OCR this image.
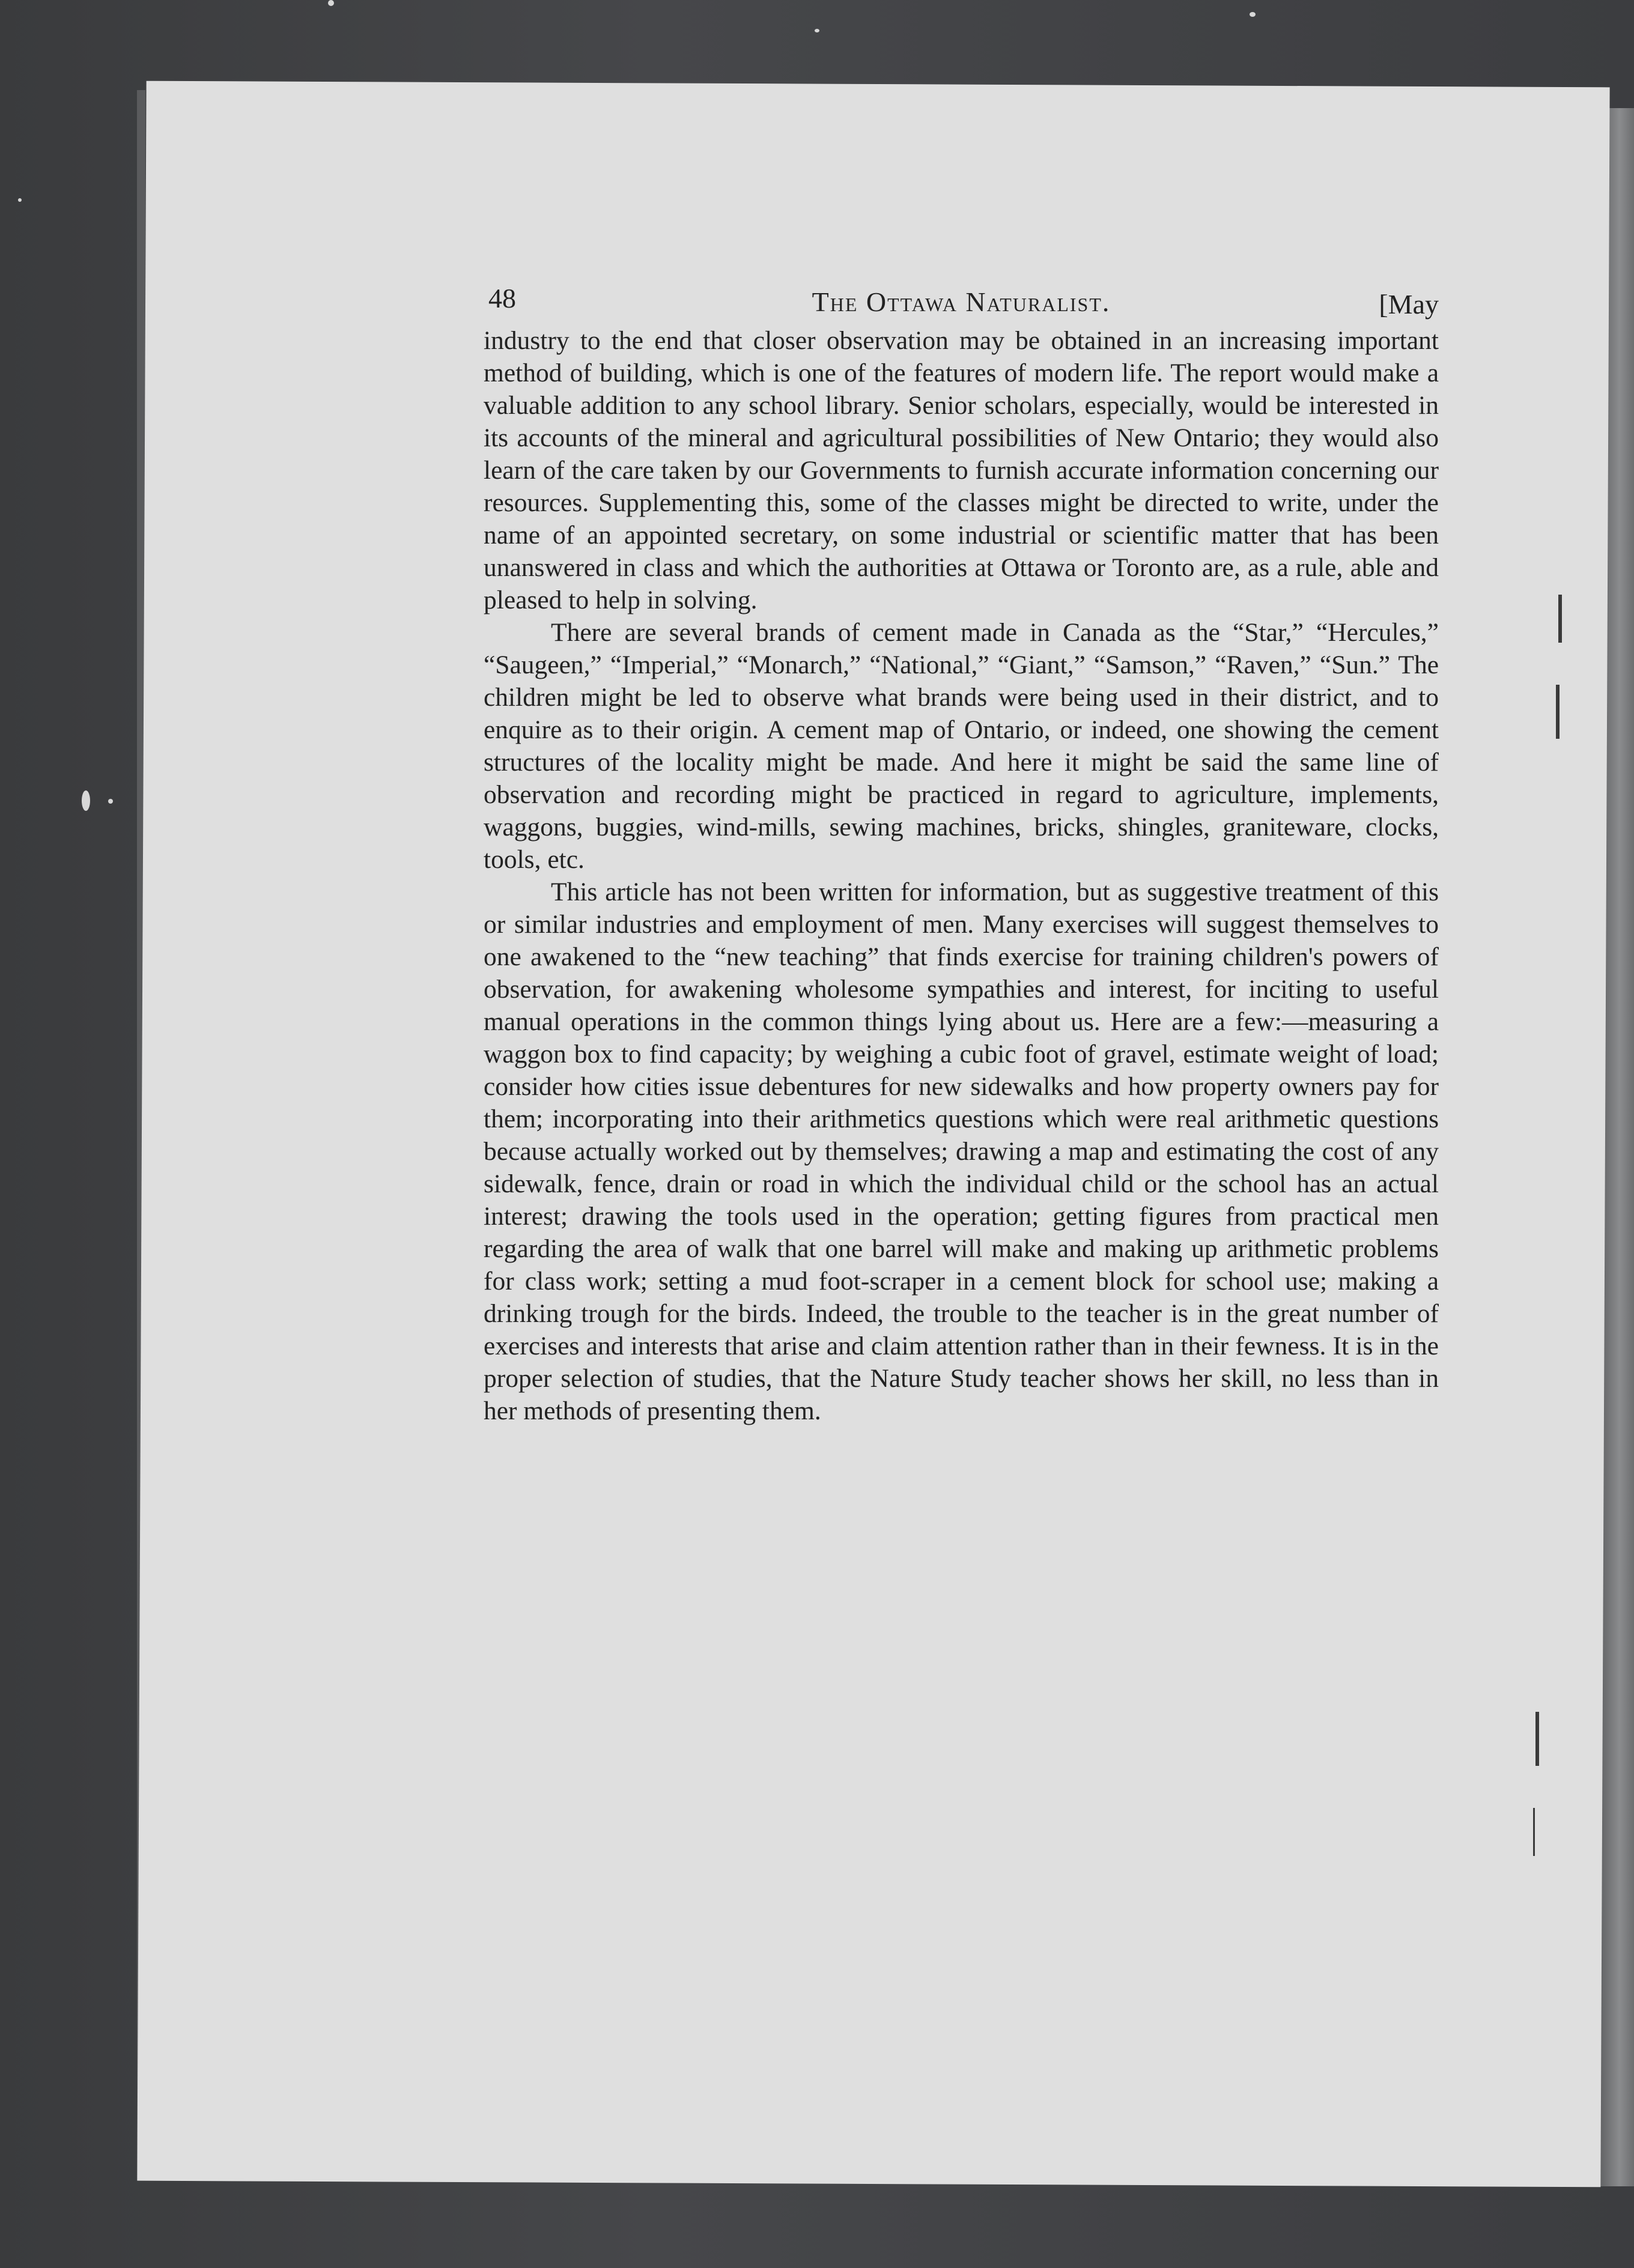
48	The Ottawa Naturalist.	[May

industry to the end that closer observation may be obtained in an increasing important method of building, which is one of the features of modern life. The report would make a valuable addition to any school library. Senior scholars, especially, would be interested in its accounts of the mineral and agricultural possibilities of New Ontario; they would also learn of the care taken by our Governments to furnish accurate information concerning our resources. Supplementing this, some of the classes might be directed to write, under the name of an appointed secretary, on some industrial or scientific matter that has been unanswered in class and which the authorities at Ottawa or Toronto are, as a rule, able and pleased to help in solving.

There are several brands of cement made in Canada as the “Star,” “Hercules,” “Saugeen,” “Imperial,” “Monarch,” “National,” “Giant,” “Samson,” “Raven,” “Sun.” The children might be led to observe what brands were being used in their district, and to enquire as to their origin. A cement map of Ontario, or indeed, one showing the cement structures of the locality might be made. And here it might be said the same line of observation and recording might be practiced in regard to agriculture, implements, waggons, buggies, wind-mills, sewing machines, bricks, shingles, graniteware, clocks, tools, etc.

This article has not been written for information, but as suggestive treatment of this or similar industries and employment of men. Many exercises will suggest themselves to one awakened to the “new teaching” that finds exercise for training children's powers of observation, for awakening wholesome sympathies and interest, for inciting to useful manual operations in the common things lying about us. Here are a few:—measuring a waggon box to find capacity; by weighing a cubic foot of gravel, estimate weight of load; consider how cities issue debentures for new sidewalks and how property owners pay for them; incorporating into their arithmetics questions which were real arithmetic questions because actually worked out by themselves; drawing a map and estimating the cost of any sidewalk, fence, drain or road in which the individual child or the school has an actual interest; drawing the tools used in the operation; getting figures from practical men regarding the area of walk that one barrel will make and making up arithmetic problems for class work; setting a mud foot-scraper in a cement block for school use; making a drinking trough for the birds. Indeed, the trouble to the teacher is in the great number of exercises and interests that arise and claim attention rather than in their fewness. It is in the proper selection of studies, that the Nature Study teacher shows her skill, no less than in her methods of presenting them.
